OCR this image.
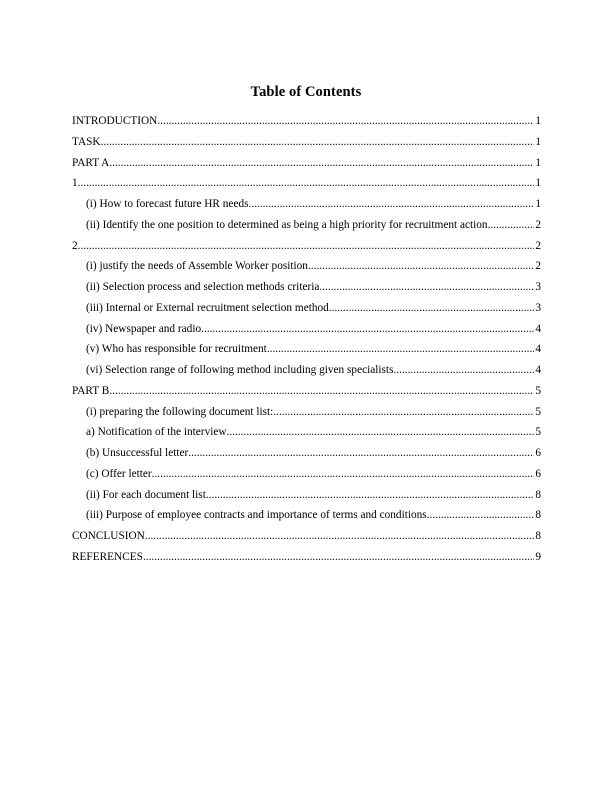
Table of Contents
INTRODUCTION .....	1
TASK .....	1
PART A .....	1
1. .....	1
(i) How to forecast future HR needs. .....	1
(ii) Identify the one position to determined as being a high priority for recruitment action .....	2
2 .....	2
(i) justify the needs of Assemble Worker position .....	2
(ii) Selection process and selection methods criteria .....	3
(iii) Internal or External recruitment selection method .....	3
(iv) Newspaper and radio .....	4
(v) Who has responsible for recruitment .....	4
(vi) Selection range of following method including given specialists .....	4
PART B .....	5
(i) preparing the following document list: .....	5
a) Notification of the interview .....	5
(b) Unsuccessful letter .....	6
(c) Offer letter .....	6
(ii) For each document list .....	8
(iii) Purpose of employee contracts and importance of terms and conditions .....	8
CONCLUSION .....	8
REFERENCES .....	9
